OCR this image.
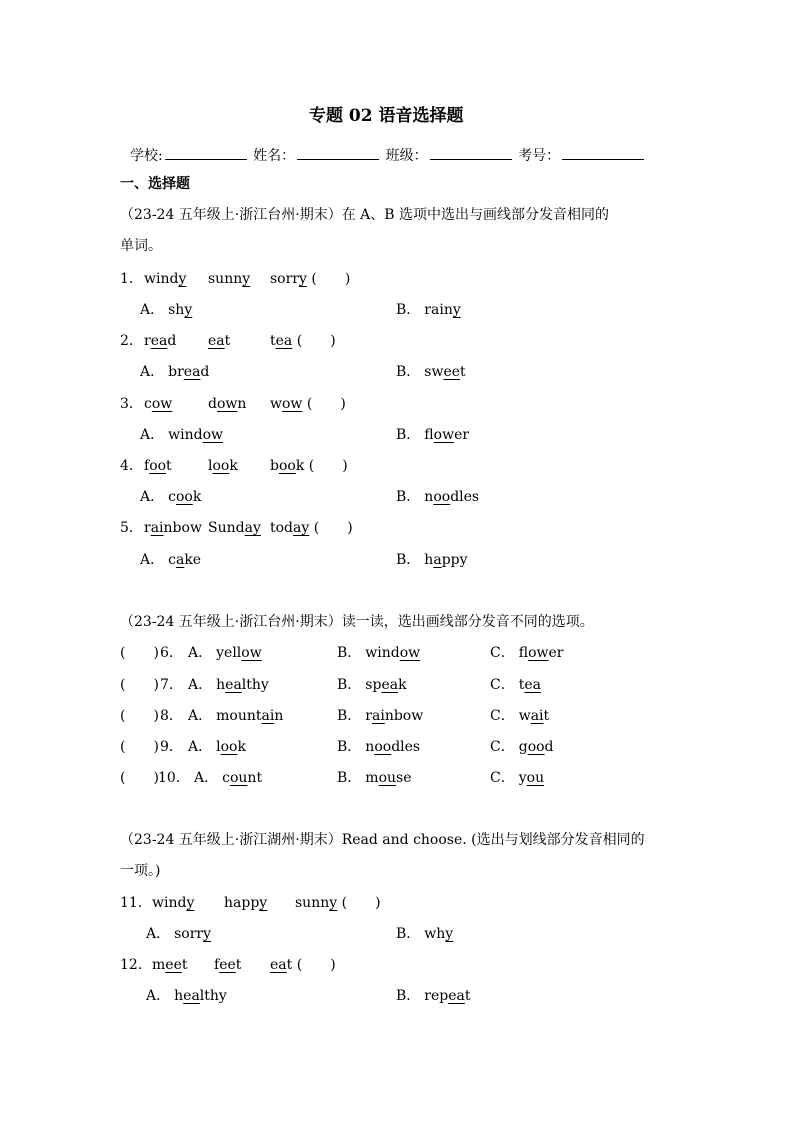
专题 02 语音选择题
学校:	姓名：	班级：	考号：
一、选择题
（23-24 五年级上·浙江台州·期末）在 A、B 选项中选出与画线部分发音相同的
单词。
1． windy sunny sorry (　　)
A． shy	B． rainy
2． read eat	tea (　　)
A． bread	B． sweet
3． cow	down wow (　　)
A． window	B． flower
4． foot	look book (　　)
A． cook	B． noodles
5． rainbow Sunday today (　　)
A． cake	B． happy
（23-24 五年级上·浙江台州·期末）读一读，选出画线部分发音不同的选项。
(　　) 6． A． yellow	B． window	C． flower
(　　) 7． A． healthy	B． speak	C． tea
(　　) 8． A． mountain	B． rainbow	C． wait
(　　) 9． A． look	B． noodles	C． good
(　　) 10． A． count	B． mouse	C． you
（23-24 五年级上·浙江湖州·期末）Read and choose. (选出与划线部分发音相同的
一项。)
11． windy happy sunny (　　)
A． sorry	B． why
12． meet feet eat (　　)
A． healthy	B． repeat
